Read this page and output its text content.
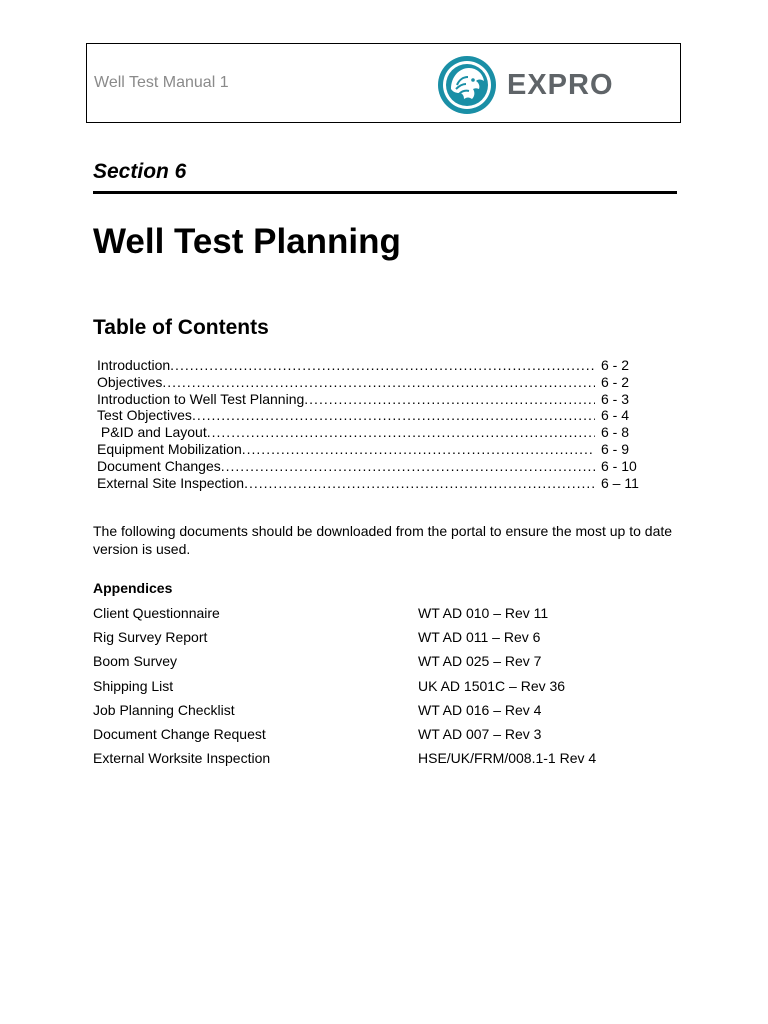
Well Test Manual 1	EXPRO
Section 6
Well Test Planning
Table of Contents
Introduction .....	6 - 2
Objectives .....	6 - 2
Introduction to Well Test Planning .....	6 - 3
Test Objectives .....	6 - 4
P&ID and Layout .....	6 - 8
Equipment Mobilization .....	6 - 9
Document Changes .....	6 - 10
External Site Inspection .....	6 – 11
The following documents should be downloaded from the portal to ensure the most up to date version is used.
Appendices
Client Questionnaire	WT AD 010 – Rev 11
Rig Survey Report	WT AD 011 – Rev 6
Boom Survey	WT AD 025 – Rev 7
Shipping List	UK AD 1501C – Rev 36
Job Planning Checklist	WT AD 016 – Rev 4
Document Change Request	WT AD 007 – Rev 3
External Worksite Inspection	HSE/UK/FRM/008.1-1 Rev 4
